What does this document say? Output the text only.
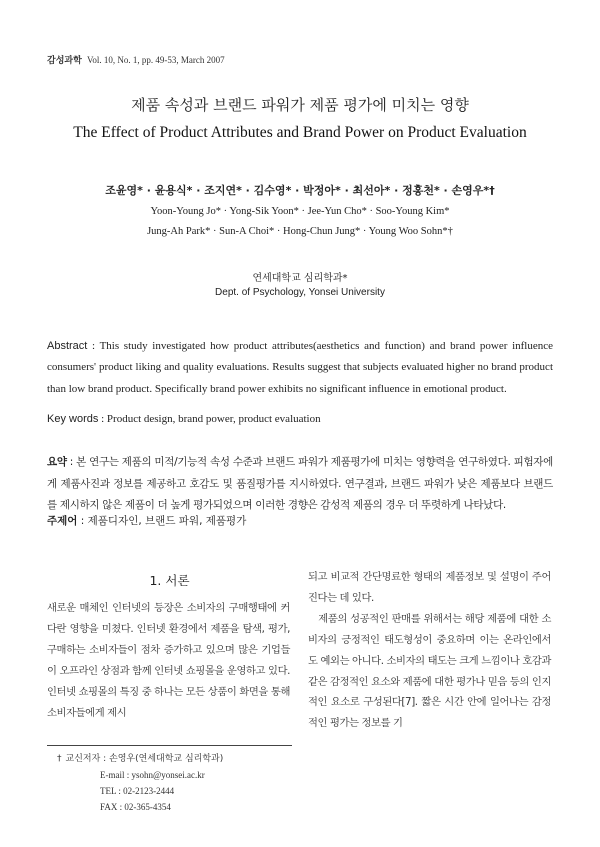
감성과학 Vol. 10, No. 1, pp. 49-53, March 2007
제품 속성과 브랜드 파워가 제품 평가에 미치는 영향
The Effect of Product Attributes and Brand Power on Product Evaluation
조윤영* · 윤용식* · 조지연* · 김수영* · 박정아* · 최선아* · 정홍천* · 손영우*†
Yoon-Young Jo* · Yong-Sik Yoon* · Jee-Yun Cho* · Soo-Young Kim*
Jung-Ah Park* · Sun-A Choi* · Hong-Chun Jung* · Young Woo Sohn*†
연세대학교 심리학과*
Dept. of Psychology, Yonsei University

Abstract : This study investigated how product attributes(aesthetics and function) and brand power influence consumers' product liking and quality evaluations. Results suggest that subjects evaluated higher no brand product than low brand product. Specifically brand power exhibits no significant influence in emotional product.

Key words : Product design, brand power, product evaluation

요약 : 본 연구는 제품의 미적/기능적 속성 수준과 브랜드 파워가 제품평가에 미치는 영향력을 연구하였다. 피험자에게 제품사진과 정보를 제공하고 호감도 및 품질평가를 지시하였다. 연구결과, 브랜드 파워가 낮은 제품보다 브랜드를 제시하지 않은 제품이 더 높게 평가되었으며 이러한 경향은 감성적 제품의 경우 더 뚜렷하게 나타났다.

주제어 : 제품디자인, 브랜드 파워, 제품평가

1. 서론

새로운 매체인 인터넷의 등장은 소비자의 구매행태에 커다란 영향을 미쳤다. 인터넷 환경에서 제품을 탐색, 평가, 구매하는 소비자들이 점차 증가하고 있으며 많은 기업들이 오프라인 상점과 함께 인터넷 쇼핑몰을 운영하고 있다. 인터넷 쇼핑몰의 특징 중 하나는 모든 상품이 화면을 통해 소비자들에게 제시

되고 비교적 간단명료한 형태의 제품정보 및 설명이 주어진다는 데 있다.

제품의 성공적인 판매를 위해서는 해당 제품에 대한 소비자의 긍정적인 태도형성이 중요하며 이는 온라인에서도 예외는 아니다. 소비자의 태도는 크게 느낌이나 호감과 같은 감정적인 요소와 제품에 대한 평가나 믿음 등의 인지적인 요소로 구성된다[7]. 짧은 시간 안에 일어나는 감정적인 평가는 정보를 기

† 교신저자 : 손영우(연세대학교 심리학과)
E-mail : ysohn@yonsei.ac.kr
TEL : 02-2123-2444
FAX : 02-365-4354
